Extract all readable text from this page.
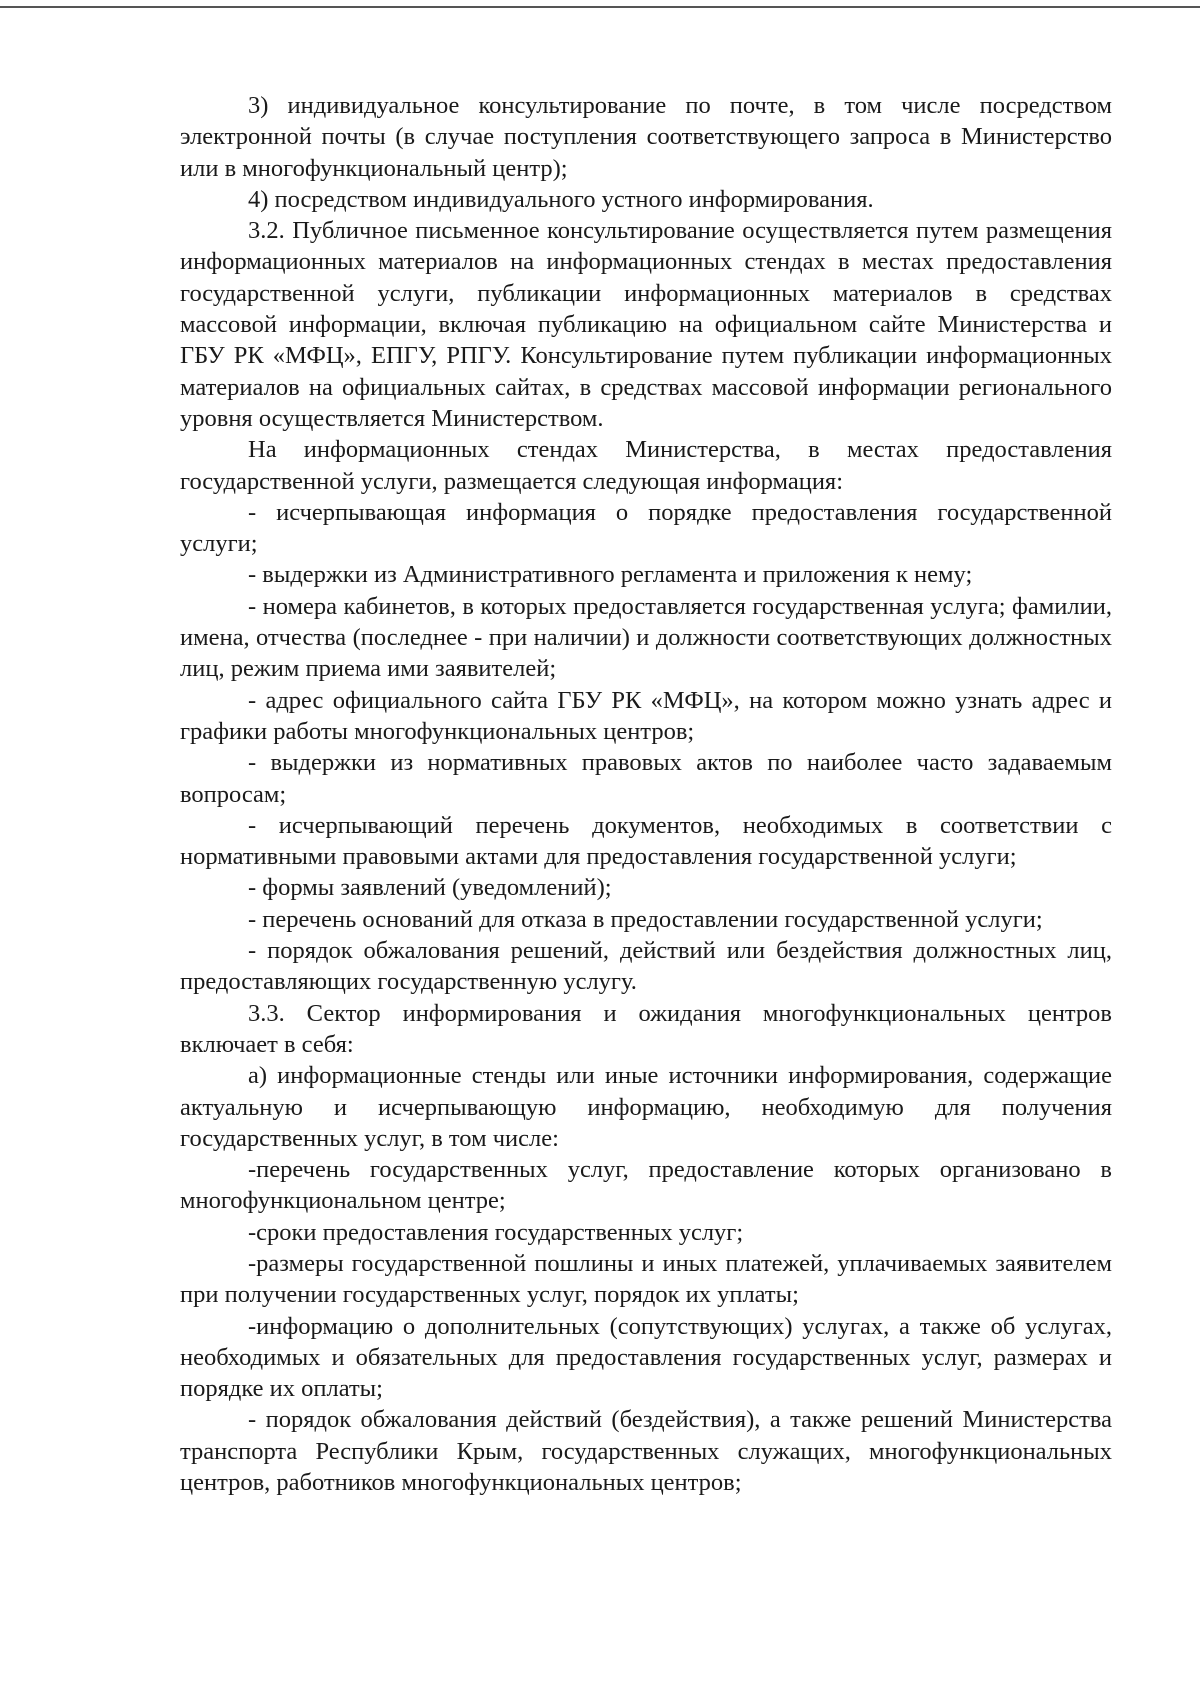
3) индивидуальное консультирование по почте, в том числе посредством электронной почты (в случае поступления соответствующего запроса в Министерство или в многофункциональный центр);

4) посредством индивидуального устного информирования.

3.2. Публичное письменное консультирование осуществляется путем размещения информационных материалов на информационных стендах в местах предоставления государственной услуги, публикации информационных материалов в средствах массовой информации, включая публикацию на официальном сайте Министерства и ГБУ РК «МФЦ», ЕПГУ, РПГУ. Консультирование путем публикации информационных материалов на официальных сайтах, в средствах массовой информации регионального уровня осуществляется Министерством.

На информационных стендах Министерства, в местах предоставления государственной услуги, размещается следующая информация:

- исчерпывающая информация о порядке предоставления государственной услуги;

- выдержки из Административного регламента и приложения к нему;

- номера кабинетов, в которых предоставляется государственная услуга; фамилии, имена, отчества (последнее - при наличии) и должности соответствующих должностных лиц, режим приема ими заявителей;

- адрес официального сайта ГБУ РК «МФЦ», на котором можно узнать адрес и графики работы многофункциональных центров;

- выдержки из нормативных правовых актов по наиболее часто задаваемым вопросам;

- исчерпывающий перечень документов, необходимых в соответствии с нормативными правовыми актами для предоставления государственной услуги;

- формы заявлений (уведомлений);

- перечень оснований для отказа в предоставлении государственной услуги;

- порядок обжалования решений, действий или бездействия должностных лиц, предоставляющих государственную услугу.

3.3. Сектор информирования и ожидания многофункциональных центров включает в себя:

а) информационные стенды или иные источники информирования, содержащие актуальную и исчерпывающую информацию, необходимую для получения государственных услуг, в том числе:

-перечень государственных услуг, предоставление которых организовано в многофункциональном центре;

-сроки предоставления государственных услуг;

-размеры государственной пошлины и иных платежей, уплачиваемых заявителем при получении государственных услуг, порядок их уплаты;

-информацию о дополнительных (сопутствующих) услугах, а также об услугах, необходимых и обязательных для предоставления государственных услуг, размерах и порядке их оплаты;

- порядок обжалования действий (бездействия), а также решений Министерства транспорта Республики Крым, государственных служащих, многофункциональных центров, работников многофункциональных центров;
